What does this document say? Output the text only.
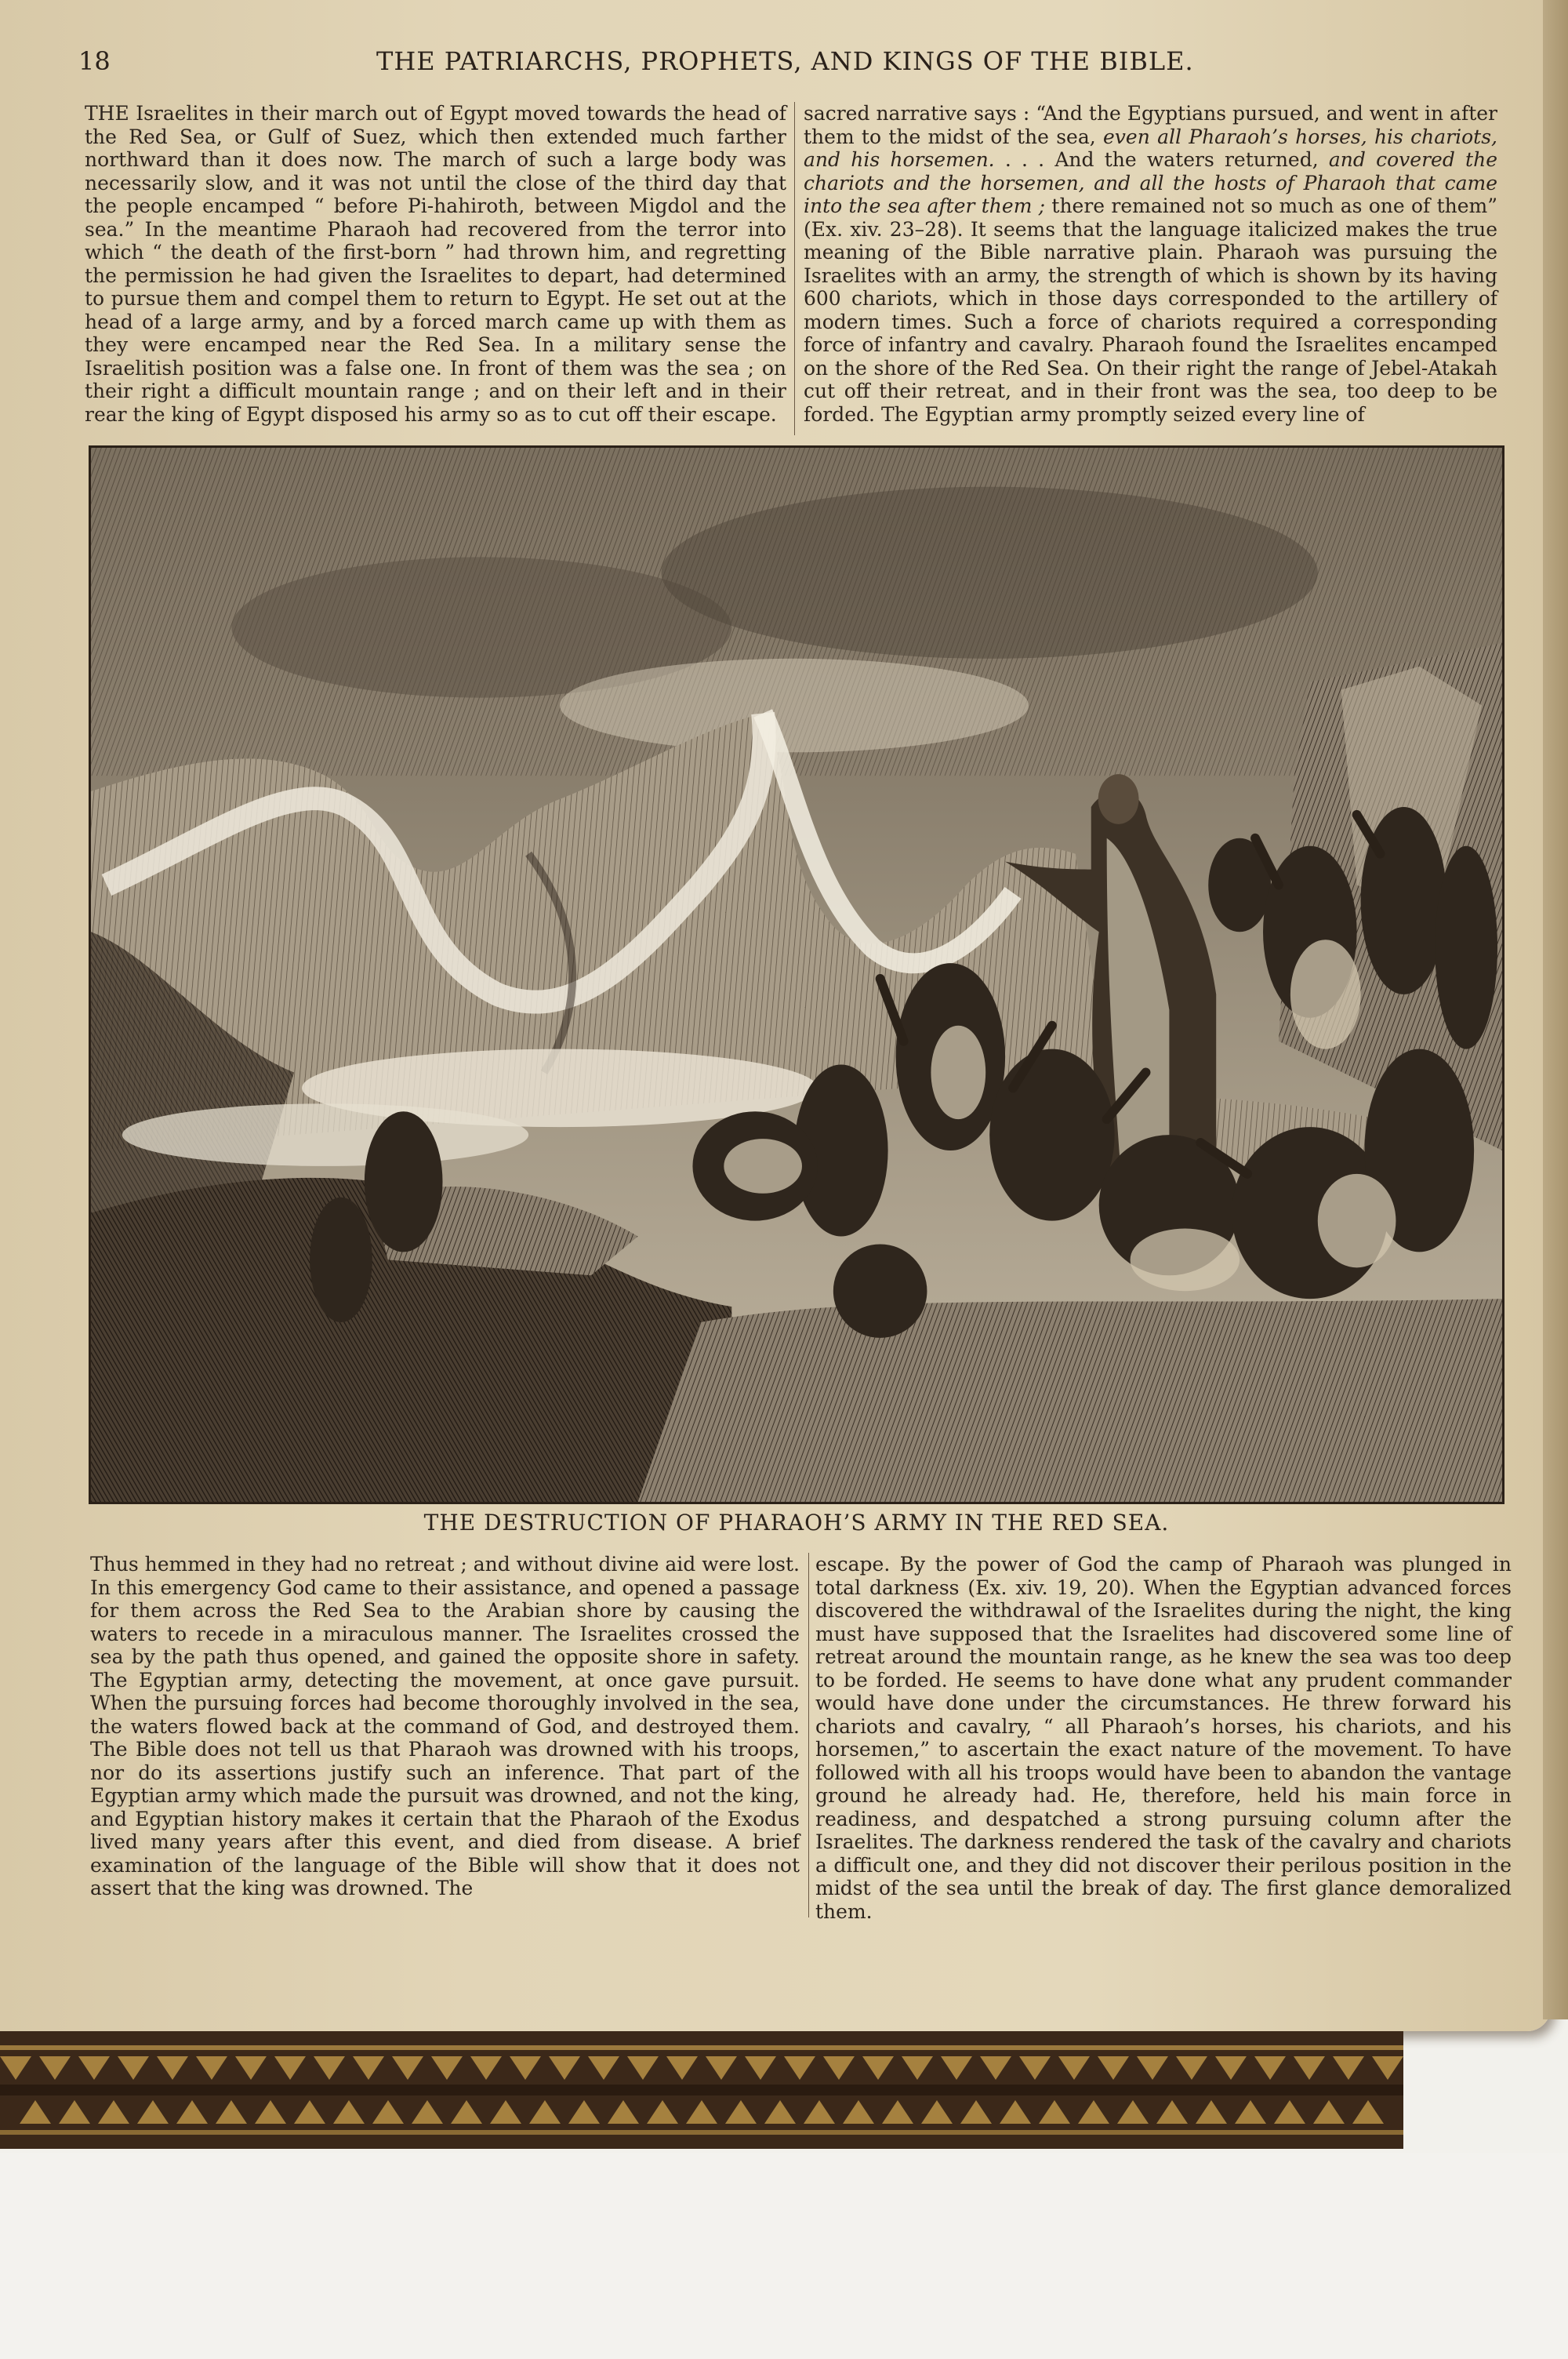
18	THE PATRIARCHS, PROPHETS, AND KINGS OF THE BIBLE.
THE Israelites in their march out of Egypt moved towards the head of the Red Sea, or Gulf of Suez, which then extended much farther northward than it does now. The march of such a large body was necessarily slow, and it was not until the close of the third day that the people encamped “ before Pi-hahiroth, between Migdol and the sea.” In the meantime Pharaoh had recovered from the terror into which “ the death of the first-born ” had thrown him, and regretting the permission he had given the Israelites to depart, had determined to pursue them and compel them to return to Egypt. He set out at the head of a large army, and by a forced march came up with them as they were encamped near the Red Sea. In a military sense the Israelitish position was a false one. In front of them was the sea ; on their right a difficult mountain range ; and on their left and in their rear the king of Egypt disposed his army so as to cut off their escape.
sacred narrative says : “And the Egyptians pursued, and went in after them to the midst of the sea, even all Pharaoh’s horses, his chariots, and his horsemen. . . . And the waters returned, and covered the chariots and the horsemen, and all the hosts of Pharaoh that came into the sea after them ; there remained not so much as one of them” (Ex. xiv. 23–28). It seems that the language italicized makes the true meaning of the Bible narrative plain. Pharaoh was pursuing the Israelites with an army, the strength of which is shown by its having 600 chariots, which in those days corresponded to the artillery of modern times. Such a force of chariots required a corresponding force of infantry and cavalry. Pharaoh found the Israelites encamped on the shore of the Red Sea. On their right the range of Jebel-Atakah cut off their retreat, and in their front was the sea, too deep to be forded. The Egyptian army promptly seized every line of
THE DESTRUCTION OF PHARAOH’S ARMY IN THE RED SEA.
Thus hemmed in they had no retreat ; and without divine aid were lost. In this emergency God came to their assistance, and opened a passage for them across the Red Sea to the Arabian shore by causing the waters to recede in a miraculous manner. The Israelites crossed the sea by the path thus opened, and gained the opposite shore in safety. The Egyptian army, detecting the movement, at once gave pursuit. When the pursuing forces had become thoroughly involved in the sea, the waters flowed back at the command of God, and destroyed them. The Bible does not tell us that Pharaoh was drowned with his troops, nor do its assertions justify such an inference. That part of the Egyptian army which made the pursuit was drowned, and not the king, and Egyptian history makes it certain that the Pharaoh of the Exodus lived many years after this event, and died from disease. A brief examination of the language of the Bible will show that it does not assert that the king was drowned. The
escape. By the power of God the camp of Pharaoh was plunged in total darkness (Ex. xiv. 19, 20). When the Egyptian advanced forces discovered the withdrawal of the Israelites during the night, the king must have supposed that the Israelites had discovered some line of retreat around the mountain range, as he knew the sea was too deep to be forded. He seems to have done what any prudent commander would have done under the circumstances. He threw forward his chariots and cavalry, “ all Pharaoh’s horses, his chariots, and his horsemen,” to ascertain the exact nature of the movement. To have followed with all his troops would have been to abandon the vantage ground he already had. He, therefore, held his main force in readiness, and despatched a strong pursuing column after the Israelites. The darkness rendered the task of the cavalry and chariots a difficult one, and they did not discover their perilous position in the midst of the sea until the break of day. The first glance demoralized them.
